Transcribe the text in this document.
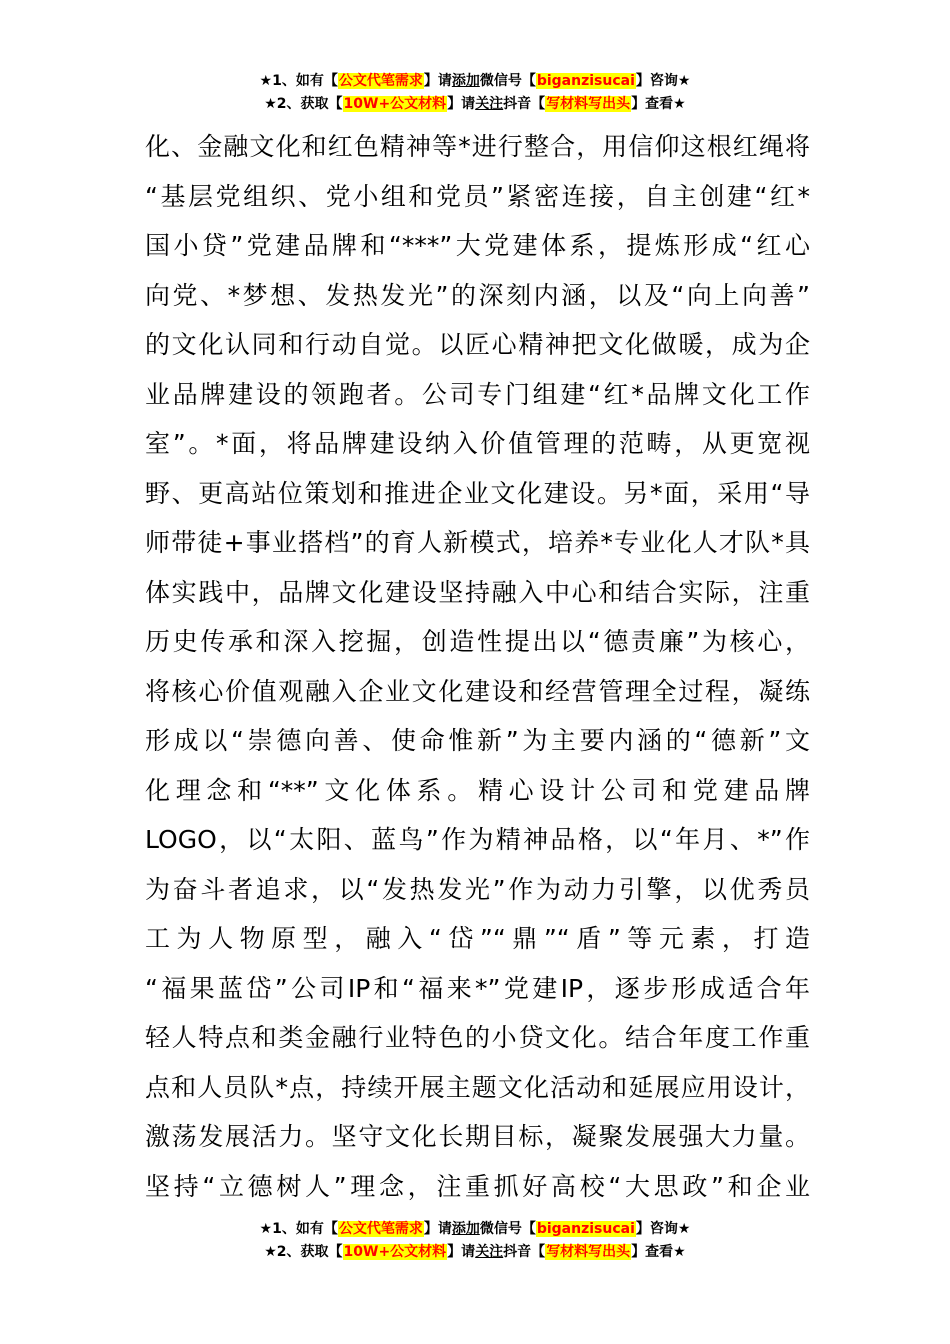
★1、如有【公文代笔需求】请添加微信号【biganzisucai】咨询★
★2、获取【10W+公文材料】请关注抖音【写材料写出头】查看★
化、金融文化和红色精神等*进行整合，用信仰这根红绳将
“基层党组织、党小组和党员”紧密连接，自主创建“红*
国小贷”党建品牌和“***”大党建体系，提炼形成“红心
向党、*梦想、发热发光”的深刻内涵，以及“向上向善”
的文化认同和行动自觉。以匠心精神把文化做暖，成为企
业品牌建设的领跑者。公司专门组建“红*品牌文化工作
室”。*面，将品牌建设纳入价值管理的范畴，从更宽视
野、更高站位策划和推进企业文化建设。另*面，采用“导
师带徒+事业搭档”的育人新模式，培养*专业化人才队*具
体实践中，品牌文化建设坚持融入中心和结合实际，注重
历史传承和深入挖掘，创造性提出以“德责廉”为核心，
将核心价值观融入企业文化建设和经营管理全过程，凝练
形成以“崇德向善、使命惟新”为主要内涵的“德新”文
化理念和“**”文化体系。精心设计公司和党建品牌
LOGO，以“太阳、蓝鸟”作为精神品格，以“年月、*”作
为奋斗者追求，以“发热发光”作为动力引擎，以优秀员
工为人物原型，融入“岱”“鼎”“盾”等元素，打造
“福果蓝岱”公司IP和“福来*”党建IP，逐步形成适合年
轻人特点和类金融行业特色的小贷文化。结合年度工作重
点和人员队*点，持续开展主题文化活动和延展应用设计，
激荡发展活力。坚守文化长期目标，凝聚发展强大力量。
坚持“立德树人”理念，注重抓好高校“大思政”和企业
★1、如有【公文代笔需求】请添加微信号【biganzisucai】咨询★
★2、获取【10W+公文材料】请关注抖音【写材料写出头】查看★
